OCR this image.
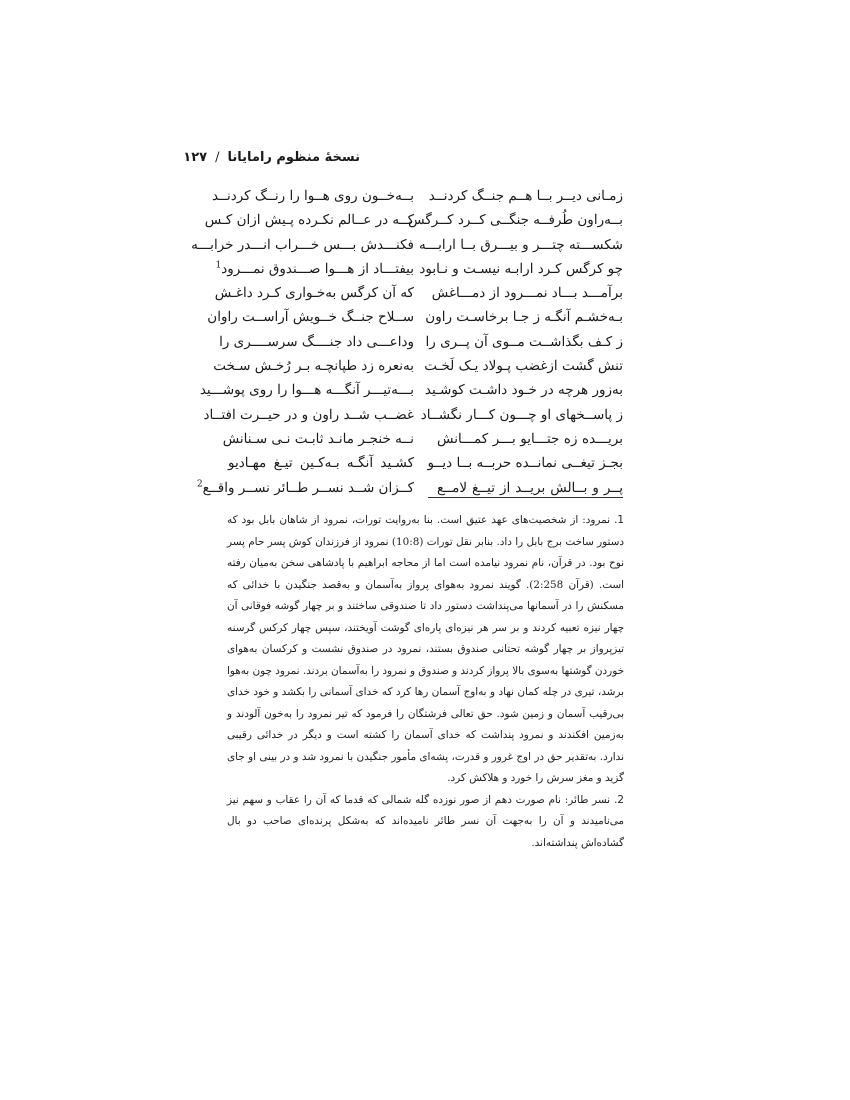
نسخهٔ منظوم رامایانا
/
۱۲۷
زمـانی دیــر بــا هــم جنــگ کردنــد
بــه‌راون طُرفــه جنگــی کــرد کــرگس
شکســـته چتـــر و بیـــرق بــا ارابـــه
چو کرگس کـرد ارابـه نیسـت و نـابود
برآمـــد بـــاد نمـــرود از دمـــاغش
بـه‌خشـم آنگـه ز جـا برخاسـت راون
ز کـف بگذاشــت مــوی آن پــری را
تنش گشت ازغضب پـولاد یـک لَخـت
به‌زور هرچه در خـود داشـت کوشـید
ز پاســخهای او چـــون کـــار نگشــاد
بریـــده زه جتـــایو بـــر کمـــانش
بجـز تیغــی نمانــده حربــه بــا دیــو
پــر و بــالش بریــد از تیــغ لامــع
بــه‌خــون روی هــوا را رنــگ کردنــد
کــه در عــالم نکـرده پـیش ازان کـس
فکنـــدش بـــس خـــراب انـــدر خرابـــه
بیفتـــاد از هـــوا صـــندوق نمـــرود$^1$
که آن کرگس به‌خـواری کـرد داغـش
ســلاح جنــگ خــویش آراســت راوان
وداعـــی داد جنــــگ سرســــری را
به‌نعره زد طپانچـه بـر رُخـش سـخت
بـــه‌تیـــر آنگـــه هـــوا را روی پوشـــید
غضــب شــد راون و در حیــرت افتــاد
نــه خنجـر مانـد ثابـت نـی سـنانش
کشـید آنگـه بـه‌کـین تیـغ مهـادیو
کــزان شــد نســر طــائر نســر واقــع$^2$
1.نمرود: از شخصیت‌های عهد عتیق است. بنا به‌روایت تورات، نمرود از شاهان بابل بود که دستور ساخت برج بابل را داد. بنابر نقل تورات (10:8) نمرود از فرزندان کوش پسر حام پسر نوح بود. در قرآن، نام نمرود نیامده است اما از محاجه ابراهیم با پادشاهی سخن به‌میان رفته است. (قرآن 2:258). گویند نمرود به‌هوای پرواز به‌آسمان و به‌قصد جنگیدن با خدائی که مسکنش را در آسمانها می‌پنداشت دستور داد تا صندوقی ساختند و بر چهار گوشه فوقانی آن چهار نیزه تعبیه کردند و بر سر هر نیزه‌ای پاره‌ای گوشت آویختند، سپس چهار کرکس گرسنه تیزپرواز بر چهار گوشه تحتانی صندوق بستند، نمرود در صندوق نشست و کرکسان به‌هوای خوردن گوشتها به‌سوی بالا پرواز کردند و صندوق و نمرود را به‌آسمان بردند. نمرود چون به‌هوا برشد، تیری در چله کمان نهاد و به‌اوج آسمان رها کرد که خدای آسمانی را بکشد و خود خدای بی‌رقیب آسمان و زمین شود. حق تعالی فرشتگان را فرمود که تیر نمرود را به‌خون آلودند و به‌زمین افکندند و نمرود پنداشت که خدای آسمان را کشته است و دیگر در خدائی رقیبی ندارد. به‌تقدیر حق در اوج غرور و قدرت، پشه‌ای مأمور جنگیدن با نمرود شد و در بینی او جای گزید و مغز سرش را خورد و هلاکش کرد.
2.نسر طائر: نام صورت دهم از صور نوزده گله شمالی که قدما که آن را عقاب و سهم نیز می‌نامیدند و آن را به‌جهت آن نسر طائر نامیده‌اند که به‌شکل پرنده‌ای صاحب دو بال گشاده‌اش پنداشته‌اند.
